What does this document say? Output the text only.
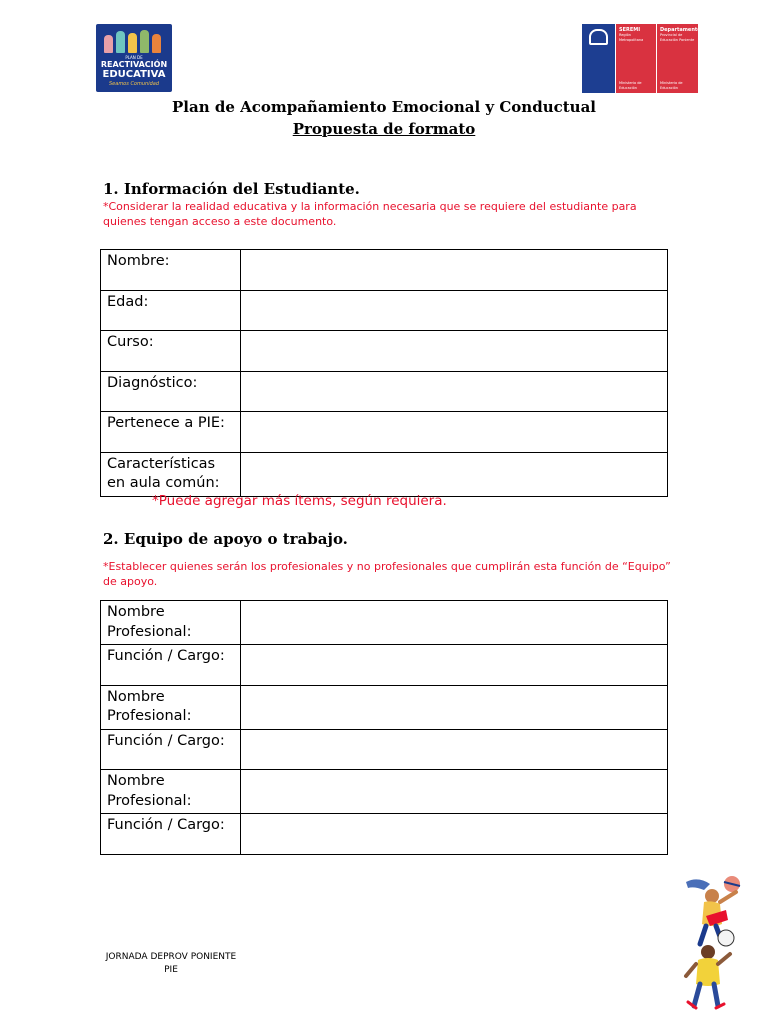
PLAN DE
REACTIVACIÓN
EDUCATIVA
Seamos Comunidad
SEREMI
Región Metropolitana
Ministerio de Educación
Departamento
Provincial de Educación Poniente
Ministerio de Educación
Plan de Acompañamiento Emocional y Conductual
Propuesta de formato
1. Información del Estudiante.
*Considerar la realidad educativa y la información necesaria que se requiere del estudiante para quienes tengan acceso a este documento.
Nombre:	
Edad:	
Curso:	
Diagnóstico:	
Pertenece a PIE:	
Características en aula común:	
*Puede agregar más ítems, según requiera.
2. Equipo de apoyo o trabajo.
*Establecer quienes serán los profesionales y no profesionales que cumplirán esta función de “Equipo” de apoyo.
Nombre Profesional:	
Función / Cargo:	
Nombre Profesional:	
Función / Cargo:	
Nombre Profesional:	
Función / Cargo:	
JORNADA DEPROV PONIENTE
PIE
